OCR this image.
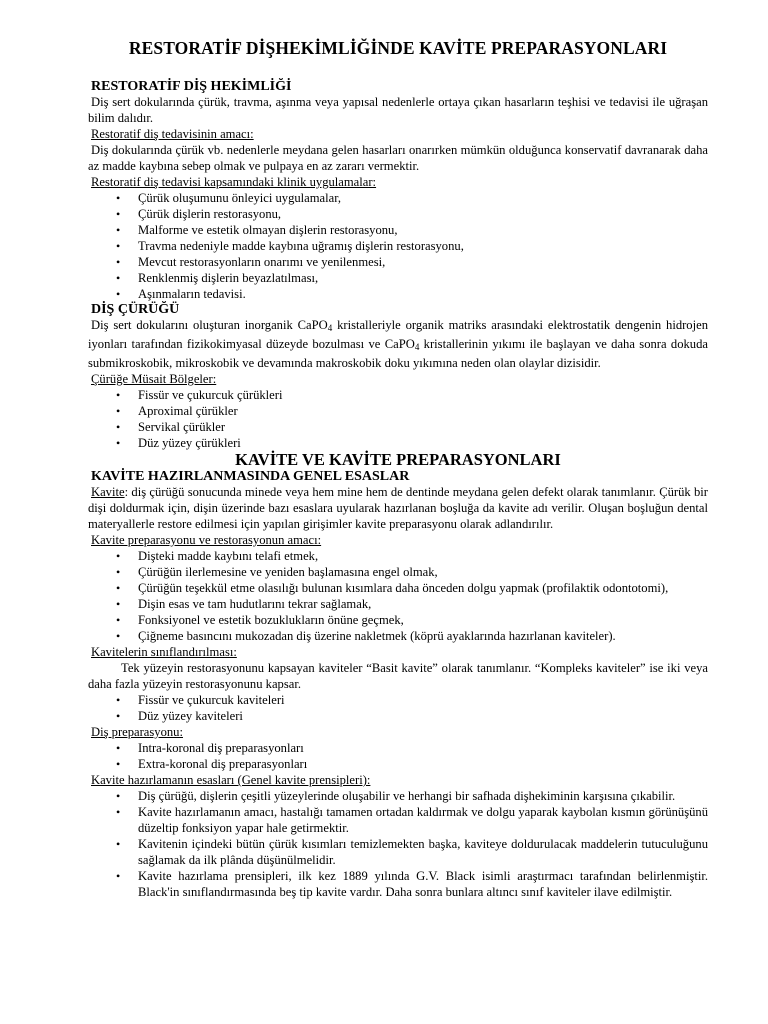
RESTORATİF DİŞHEKİMLİĞİNDE KAVİTE PREPARASYONLARI
RESTORATİF DİŞ HEKİMLİĞİ

Diş sert dokularında çürük, travma, aşınma veya yapısal nedenlerle ortaya çıkan hasarların teşhisi ve tedavisi ile uğraşan bilim dalıdır.

Restoratif diş tedavisinin amacı:

Diş dokularında çürük vb. nedenlerle meydana gelen hasarları onarırken mümkün olduğunca konservatif davranarak daha az madde kaybına sebep olmak ve pulpaya en az zararı vermektir.

Restoratif diş tedavisi kapsamındaki klinik uygulamalar:
• Çürük oluşumunu önleyici uygulamalar,
• Çürük dişlerin restorasyonu,
• Malforme ve estetik olmayan dişlerin restorasyonu,
• Travma nedeniyle madde kaybına uğramış dişlerin restorasyonu,
• Mevcut restorasyonların onarımı ve yenilenmesi,
• Renklenmiş dişlerin beyazlatılması,
• Aşınmaların tedavisi.
DİŞ ÇÜRÜĞÜ

Diş sert dokularını oluşturan inorganik CaPO$_4$ kristalleriyle organik matriks arasındaki elektrostatik dengenin hidrojen iyonları tarafından fizikokimyasal düzeyde bozulması ve CaPO$_4$ kristallerinin yıkımı ile başlayan ve daha sonra dokuda submikroskobik, mikroskobik ve devamında makroskobik doku yıkımına neden olan olaylar dizisidir.

Çürüğe Müsait Bölgeler:
• Fissür ve çukurcuk çürükleri
• Aproximal çürükler
• Servikal çürükler
• Düz yüzey çürükleri
KAVİTE VE KAVİTE PREPARASYONLARI
KAVİTE HAZIRLANMASINDA GENEL ESASLAR

Kavite: diş çürüğü sonucunda minede veya hem mine hem de dentinde meydana gelen defekt olarak tanımlanır. Çürük bir dişi doldurmak için, dişin üzerinde bazı esaslara uyularak hazırlanan boşluğa da kavite adı verilir. Oluşan boşluğun dental materyallerle restore edilmesi için yapılan girişimler kavite preparasyonu olarak adlandırılır.

Kavite preparasyonu ve restorasyonun amacı:
• Dişteki madde kaybını telafi etmek,
• Çürüğün ilerlemesine ve yeniden başlamasına engel olmak,
• Çürüğün teşekkül etme olasılığı bulunan kısımlara daha önceden dolgu yapmak (profilaktik odontotomi),
• Dişin esas ve tam hudutlarını tekrar sağlamak,
• Fonksiyonel ve estetik bozuklukların önüne geçmek,
• Çiğneme basıncını mukozadan diş üzerine nakletmek (köprü ayaklarında hazırlanan kaviteler).
Kavitelerin sınıflandırılması:

Tek yüzeyin restorasyonunu kapsayan kaviteler “Basit kavite” olarak tanımlanır. “Kompleks kaviteler” ise iki veya daha fazla yüzeyin restorasyonunu kapsar.

• Fissür ve çukurcuk kaviteleri
• Düz yüzey kaviteleri
Diş preparasyonu:
• Intra-koronal diş preparasyonları
• Extra-koronal diş preparasyonları
Kavite hazırlamanın esasları (Genel kavite prensipleri):
• Diş çürüğü, dişlerin çeşitli yüzeylerinde oluşabilir ve herhangi bir safhada dişhekiminin karşısına çıkabilir.
• Kavite hazırlamanın amacı, hastalığı tamamen ortadan kaldırmak ve dolgu yaparak kaybolan kısmın görünüşünü düzeltip fonksiyon yapar hale getirmektir.
• Kavitenin içindeki bütün çürük kısımları temizlemekten başka, kaviteye doldurulacak maddelerin tutuculuğunu sağlamak da ilk plânda düşünülmelidir.
• Kavite hazırlama prensipleri, ilk kez 1889 yılında G.V. Black isimli araştırmacı tarafından belirlenmiştir. Black'in sınıflandırmasında beş tip kavite vardır. Daha sonra bunlara altıncı sınıf kaviteler ilave edilmiştir.
